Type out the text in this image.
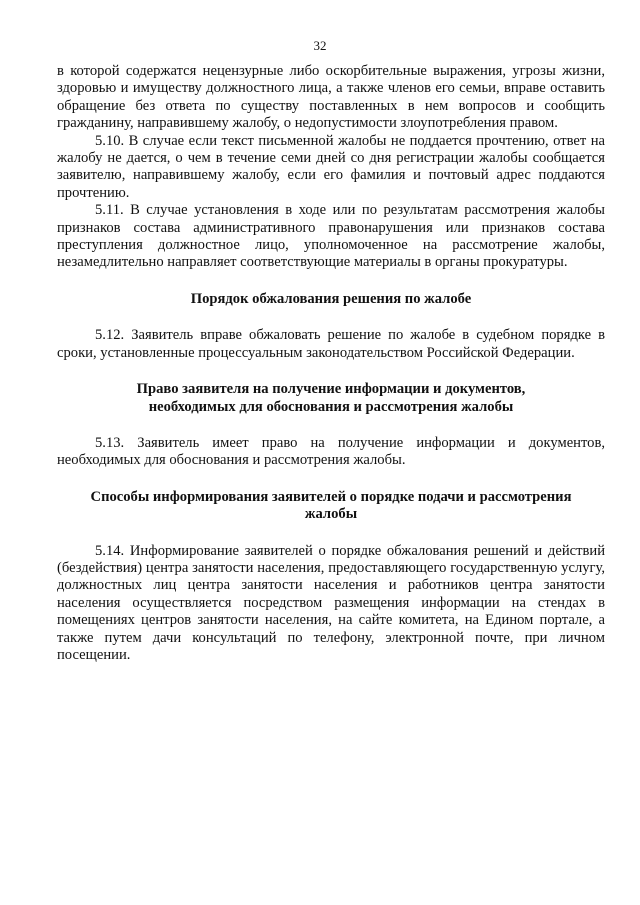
32

в которой содержатся нецензурные либо оскорбительные выражения, угрозы жизни, здоровью и имуществу должностного лица, а также членов его семьи, вправе оставить обращение без ответа по существу поставленных в нем вопросов и сообщить гражданину, направившему жалобу, о недопустимости злоупотребления правом.

5.10. В случае если текст письменной жалобы не поддается прочтению, ответ на жалобу не дается, о чем в течение семи дней со дня регистрации жалобы сообщается заявителю, направившему жалобу, если его фамилия и почтовый адрес поддаются прочтению.

5.11. В случае установления в ходе или по результатам рассмотрения жалобы признаков состава административного правонарушения или признаков состава преступления должностное лицо, уполномоченное на рассмотрение жалобы, незамедлительно направляет соответствующие материалы в органы прокуратуры.

Порядок обжалования решения по жалобе

5.12. Заявитель вправе обжаловать решение по жалобе в судебном порядке в сроки, установленные процессуальным законодательством Российской Федерации.

Право заявителя на получение информации и документов,
необходимых для обоснования и рассмотрения жалобы

5.13. Заявитель имеет право на получение информации и документов, необходимых для обоснования и рассмотрения жалобы.

Способы информирования заявителей о порядке подачи и рассмотрения
жалобы

5.14. Информирование заявителей о порядке обжалования решений и действий (бездействия) центра занятости населения, предоставляющего государственную услугу, должностных лиц центра занятости населения и работников центра занятости населения осуществляется посредством размещения информации на стендах в помещениях центров занятости населения, на сайте комитета, на Едином портале, а также путем дачи консультаций по телефону, электронной почте, при личном посещении.
